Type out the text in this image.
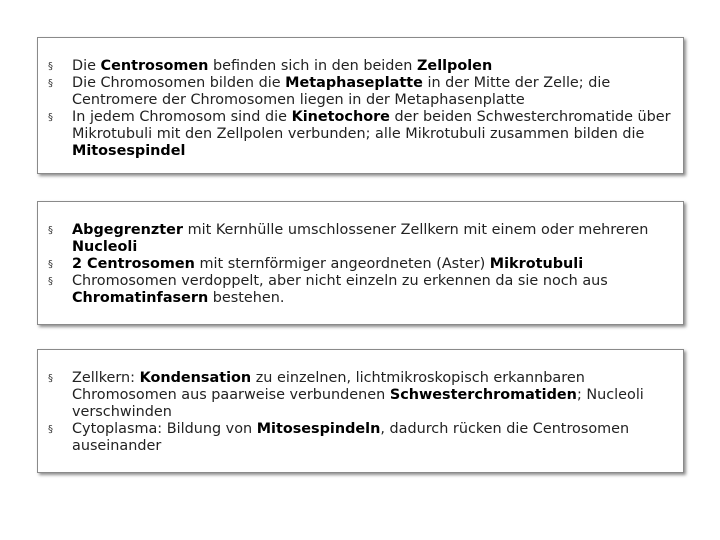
§ Die Centrosomen befinden sich in den beiden Zellpolen
§ Die Chromosomen bilden die Metaphaseplatte in der Mitte der Zelle; die Centromere der Chromosomen liegen in der Metaphasenplatte
§ In jedem Chromosom sind die Kinetochore der beiden Schwesterchromatide über Mikrotubuli mit den Zellpolen verbunden; alle Mikrotubuli zusammen bilden die Mitosespindel
§ Abgegrenzter mit Kernhülle umschlossener Zellkern mit einem oder mehreren Nucleoli
§ 2 Centrosomen mit sternförmiger angeordneten (Aster) Mikrotubuli
§ Chromosomen verdoppelt, aber nicht einzeln zu erkennen da sie noch aus Chromatinfasern bestehen.
§ Zellkern: Kondensation zu einzelnen, lichtmikroskopisch erkannbaren Chromosomen aus paarweise verbundenen Schwesterchromatiden; Nucleoli verschwinden
§ Cytoplasma: Bildung von Mitosespindeln, dadurch rücken die Centrosomen auseinander
